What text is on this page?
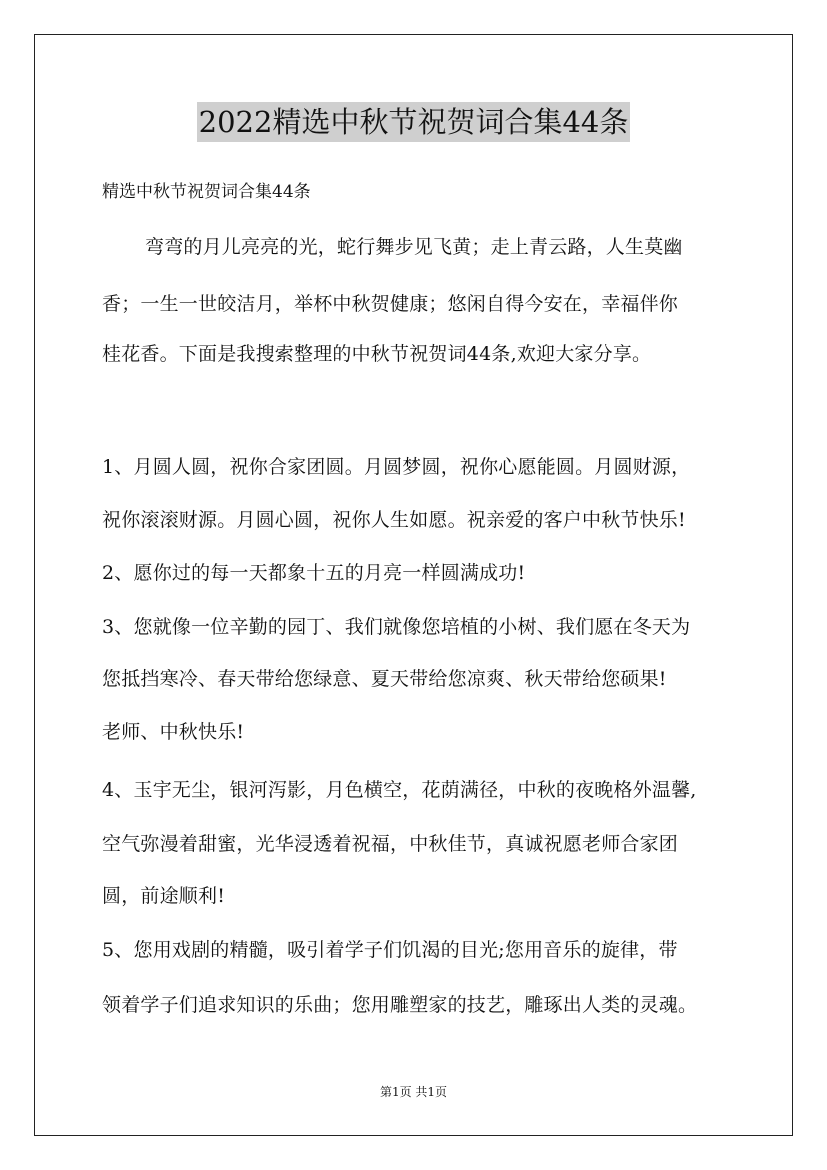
2022精选中秋节祝贺词合集44条
精选中秋节祝贺词合集44条
弯弯的月儿亮亮的光，蛇行舞步见飞黄；走上青云路，人生莫幽
香；一生一世皎洁月，举杯中秋贺健康；悠闲自得今安在，幸福伴你
桂花香。下面是我搜索整理的中秋节祝贺词44条,欢迎大家分享。
1、月圆人圆，祝你合家团圆。月圆梦圆，祝你心愿能圆。月圆财源，
祝你滚滚财源。月圆心圆，祝你人生如愿。祝亲爱的客户中秋节快乐!
2、愿你过的每一天都象十五的月亮一样圆满成功!
3、您就像一位辛勤的园丁、我们就像您培植的小树、我们愿在冬天为
您抵挡寒冷、春天带给您绿意、夏天带给您凉爽、秋天带给您硕果!
老师、中秋快乐!
4、玉宇无尘，银河泻影，月色横空，花荫满径，中秋的夜晚格外温馨,
空气弥漫着甜蜜，光华浸透着祝福，中秋佳节，真诚祝愿老师合家团
圆，前途顺利!
5、您用戏剧的精髓，吸引着学子们饥渴的目光;您用音乐的旋律，带
领着学子们追求知识的乐曲；您用雕塑家的技艺，雕琢出人类的灵魂。
第1页 共1页
